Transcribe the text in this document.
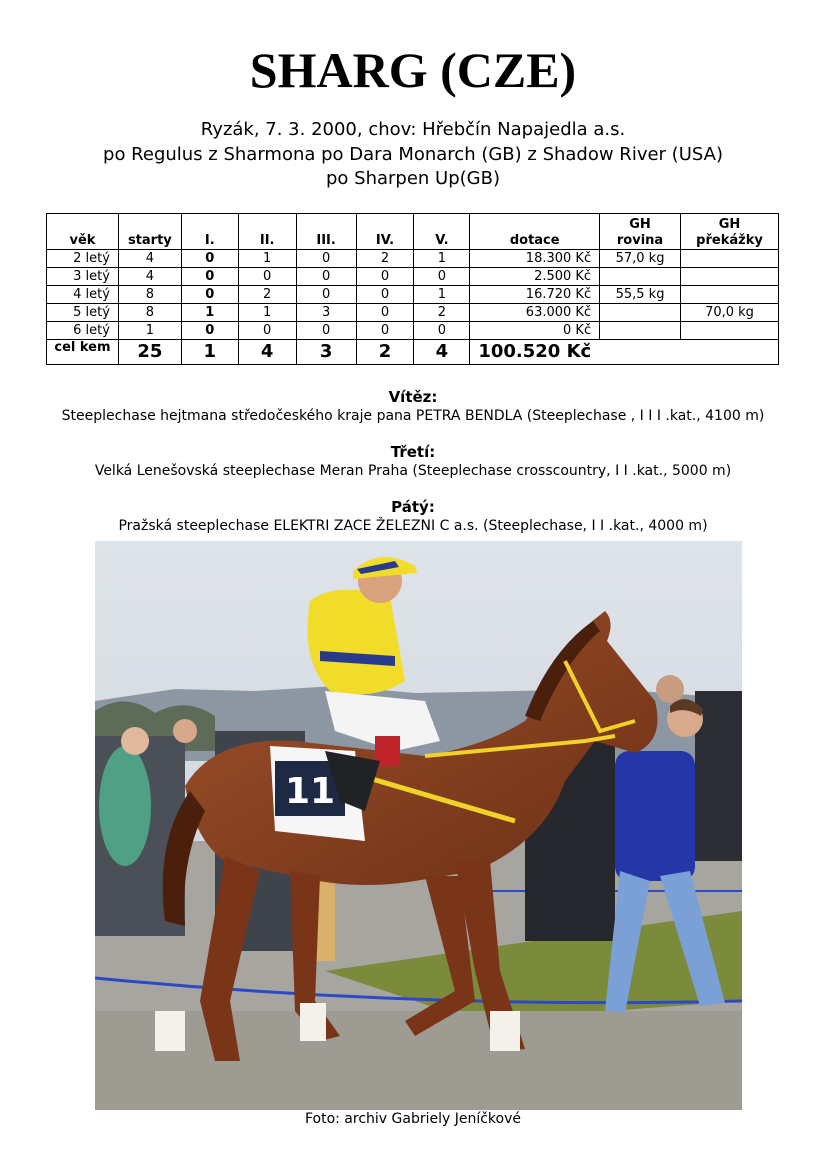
SHARG (CZE)
Ryzák, 7. 3. 2000, chov: Hřebčín Napajedla a.s.
po Regulus z Sharmona po Dara Monarch (GB) z Shadow River (USA)
po Sharpen Up(GB)
věk	starty	I.	II.	III.	IV.	V.	dotace	GH rovina	GH překážky
2 letý	4	0	1	0	2	1	18.300 Kč	57,0 kg	
3 letý	4	0	0	0	0	0	2.500 Kč		
4 letý	8	0	2	0	0	1	16.720 Kč	55,5 kg	
5 letý	8	1	1	3	0	2	63.000 Kč		70,0 kg
6 letý	1	0	0	0	0	0	0 Kč		
cel kem	25	1	4	3	2	4	100.520 Kč		
Vítěz:
Steeplechase hejtmana středočeského kraje pana PETRA BENDLA (Steeplechase , I I I .kat., 4100 m)
Třetí:
Velká Lenešovská steeplechase Meran Praha (Steeplechase crosscountry, I I .kat., 5000 m)
Pátý:
Pražská steeplechase ELEKTRI ZACE ŽELEZNI C a.s. (Steeplechase, I I .kat., 4000 m)
11
Foto: archiv Gabriely Jeníčkové
